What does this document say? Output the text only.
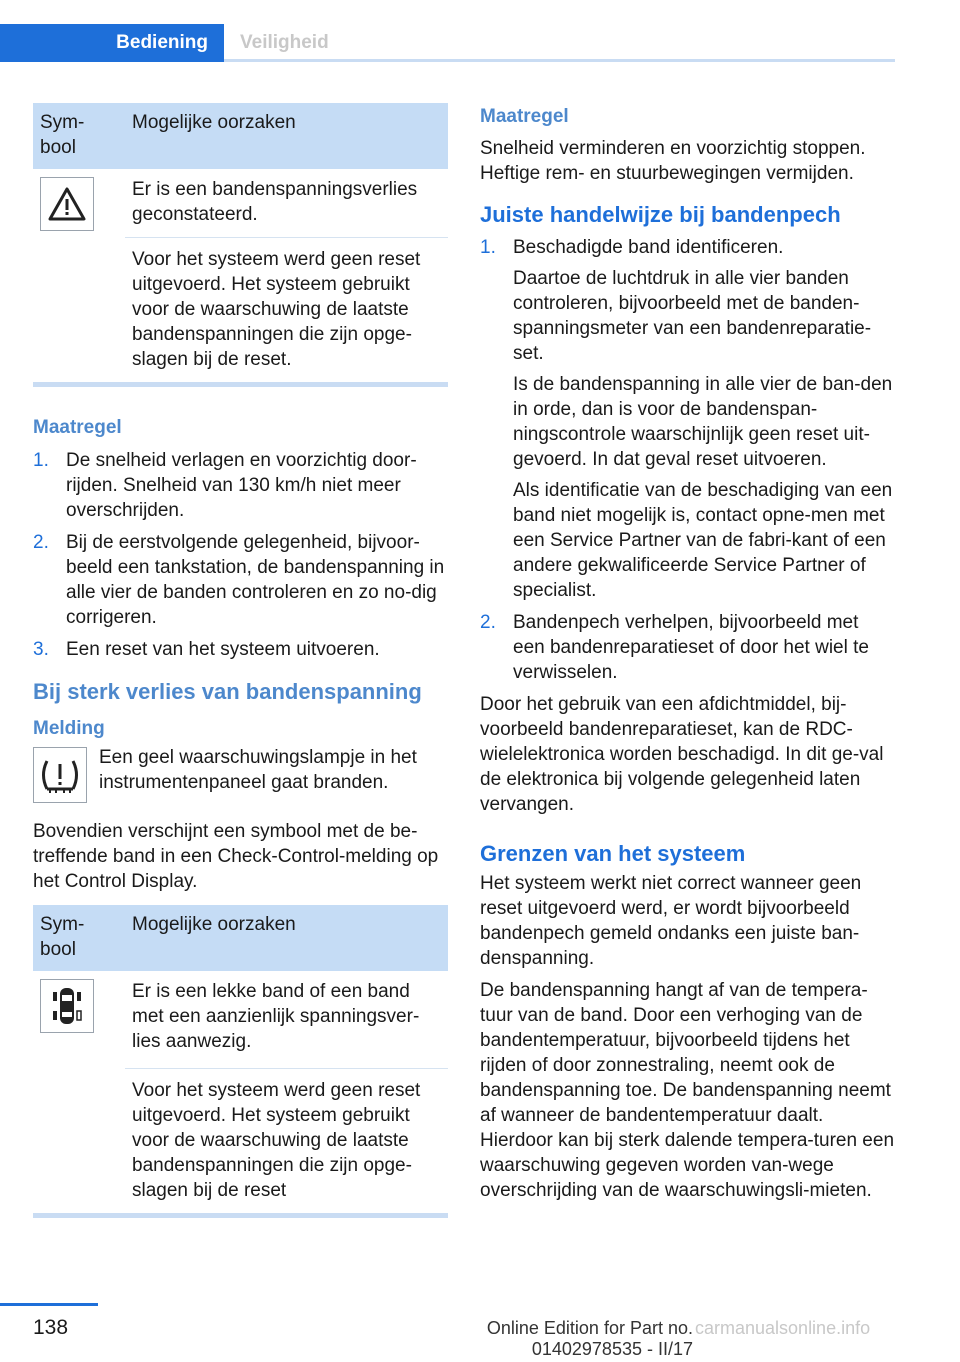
Bediening	Veiligheid
Sym-
bool	Mogelijke oorzaken

	Er is een bandenspanningsverlies geconstateerd.
	Voor het systeem werd geen reset uitgevoerd. Het systeem gebruikt voor de waarschuwing de laatste bandenspanningen die zijn opge-slagen bij de reset.

Maatregel

1. De snelheid verlagen en voorzichtig door-rijden. Snelheid van 130 km/h niet meer overschrijden.
2. Bij de eerstvolgende gelegenheid, bijvoor-beeld een tankstation, de bandenspanning in alle vier de banden controleren en zo no-dig corrigeren.
3. Een reset van het systeem uitvoeren.

Bij sterk verlies van bandenspanning

Melding

Een geel waarschuwingslampje in het instrumentenpaneel gaat branden.

Bovendien verschijnt een symbool met de be-treffende band in een Check-Control-melding op het Control Display.

Sym-
bool	Mogelijke oorzaken

	Er is een lekke band of een band met een aanzienlijk spanningsver-lies aanwezig.
	Voor het systeem werd geen reset uitgevoerd. Het systeem gebruikt voor de waarschuwing de laatste bandenspanningen die zijn opge-slagen bij de reset

Maatregel

Snelheid verminderen en voorzichtig stoppen. Heftige rem- en stuurbewegingen vermijden.

Juiste handelwijze bij bandenpech

1. Beschadigde band identificeren.

Daartoe de luchtdruk in alle vier banden controleren, bijvoorbeeld met de banden-spanningsmeter van een bandenreparatie-set.

Is de bandenspanning in alle vier de ban-den in orde, dan is voor de bandenspan-ningscontrole waarschijnlijk geen reset uit-gevoerd. In dat geval reset uitvoeren.

Als identificatie van de beschadiging van een band niet mogelijk is, contact opne-men met een Service Partner van de fabri-kant of een andere gekwalificeerde Service Partner of specialist.

2. Bandenpech verhelpen, bijvoorbeeld met een bandenreparatieset of door het wiel te verwisselen.

Door het gebruik van een afdichtmiddel, bij-voorbeeld bandenreparatieset, kan de RDC-wielelektronica worden beschadigd. In dit ge-val de elektronica bij volgende gelegenheid laten vervangen.

Grenzen van het systeem

Het systeem werkt niet correct wanneer geen reset uitgevoerd werd, er wordt bijvoorbeeld bandenpech gemeld ondanks een juiste ban-denspanning.

De bandenspanning hangt af van de tempera-tuur van de band. Door een verhoging van de bandentemperatuur, bijvoorbeeld tijdens het rijden of door zonnestraling, neemt ook de bandenspanning toe. De bandenspanning neemt af wanneer de bandentemperatuur daalt. Hierdoor kan bij sterk dalende tempera-turen een waarschuwing gegeven worden van-wege overschrijding van de waarschuwingsli-mieten.

138	Online Edition for Part no. 01402978535 - II/17
carmanualsonline.info
